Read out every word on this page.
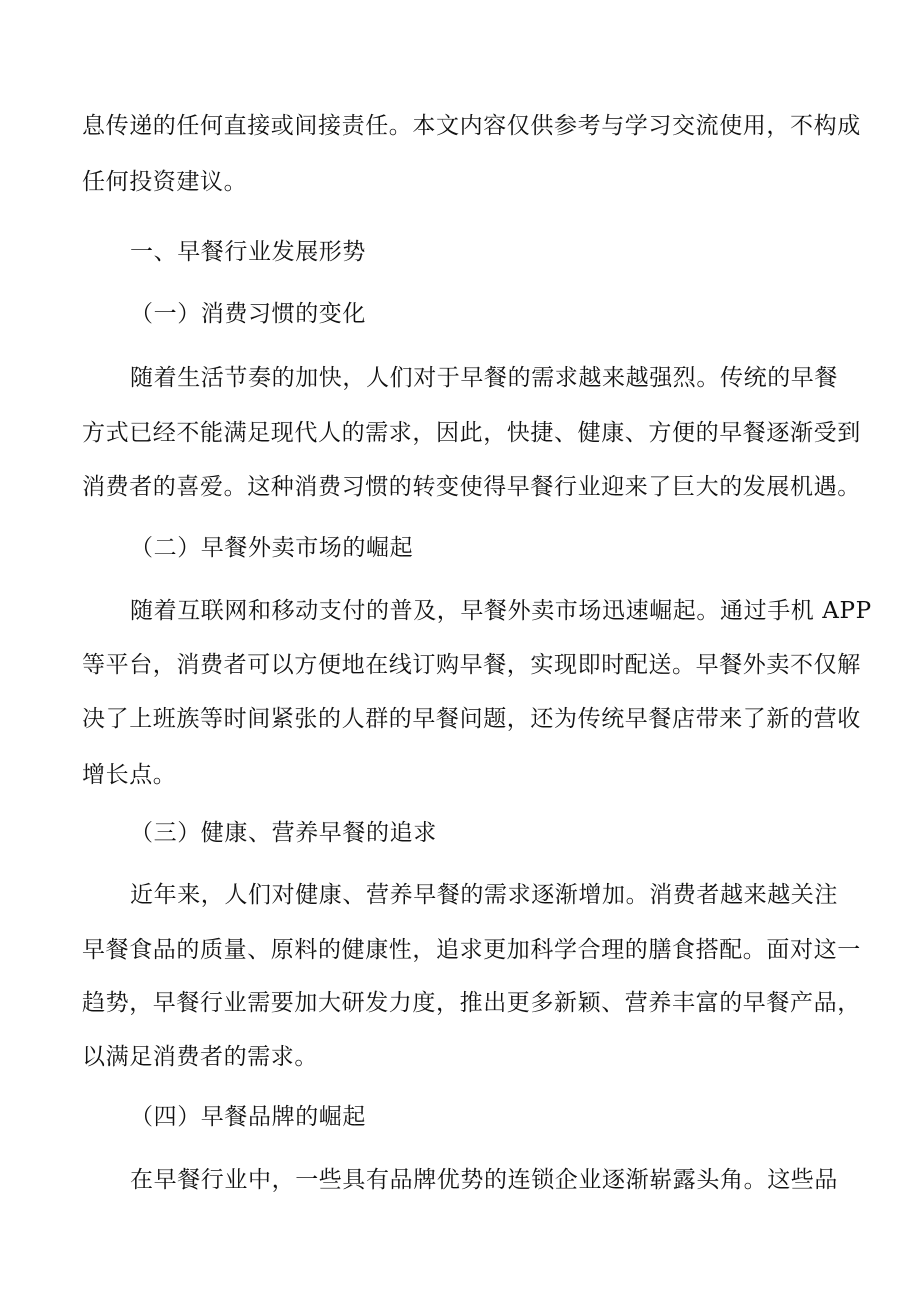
息传递的任何直接或间接责任。本文内容仅供参考与学习交流使用，不构成

任何投资建议。

一、早餐行业发展形势

（一）消费习惯的变化

随着生活节奏的加快，人们对于早餐的需求越来越强烈。传统的早餐

方式已经不能满足现代人的需求，因此，快捷、健康、方便的早餐逐渐受到

消费者的喜爱。这种消费习惯的转变使得早餐行业迎来了巨大的发展机遇。

（二）早餐外卖市场的崛起

随着互联网和移动支付的普及，早餐外卖市场迅速崛起。通过手机 APP

等平台，消费者可以方便地在线订购早餐，实现即时配送。早餐外卖不仅解

决了上班族等时间紧张的人群的早餐问题，还为传统早餐店带来了新的营收

增长点。

（三）健康、营养早餐的追求

近年来，人们对健康、营养早餐的需求逐渐增加。消费者越来越关注

早餐食品的质量、原料的健康性，追求更加科学合理的膳食搭配。面对这一

趋势，早餐行业需要加大研发力度，推出更多新颖、营养丰富的早餐产品，

以满足消费者的需求。

（四）早餐品牌的崛起

在早餐行业中，一些具有品牌优势的连锁企业逐渐崭露头角。这些品
